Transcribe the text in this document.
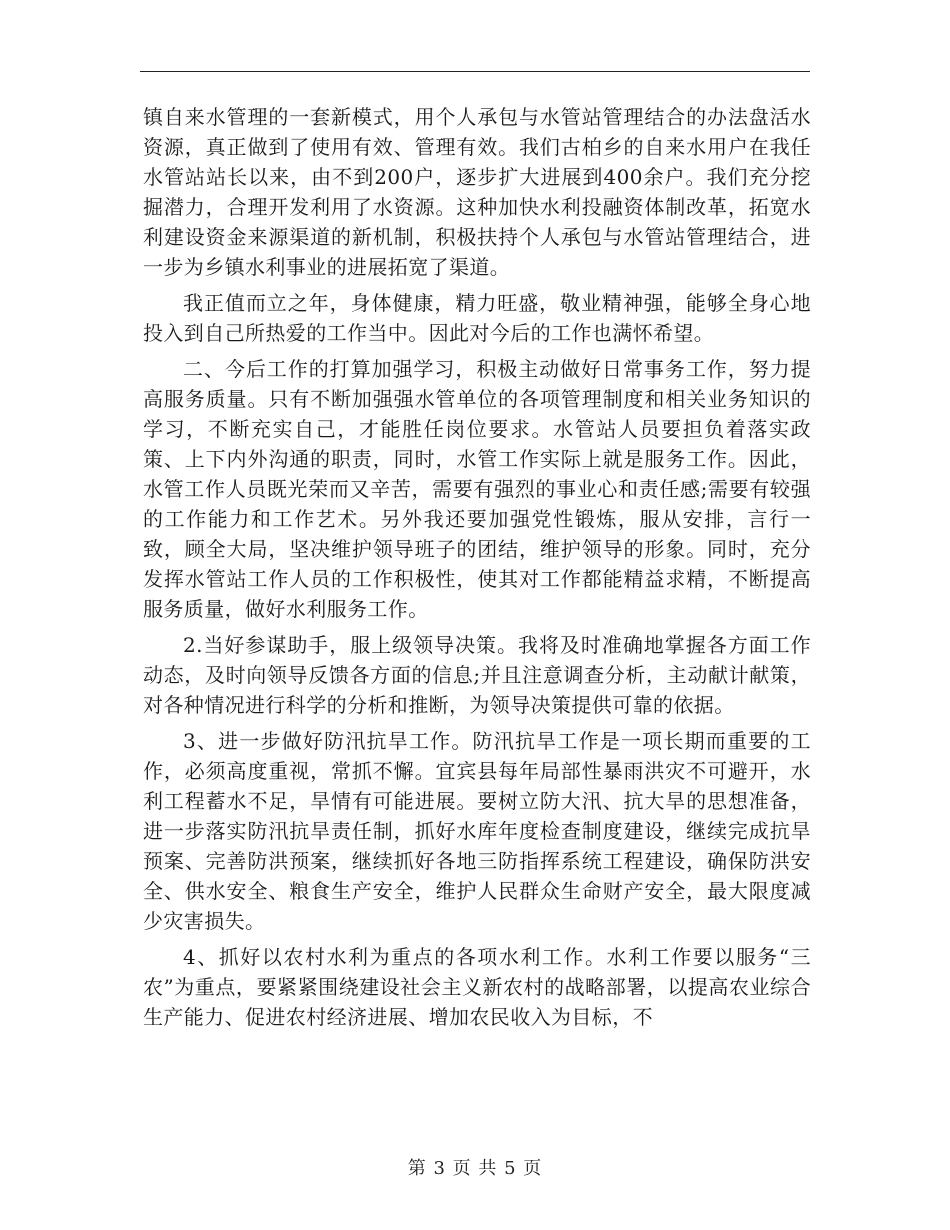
镇自来水管理的一套新模式，用个人承包与水管站管理结合的办法盘活水资源，真正做到了使用有效、管理有效。我们古柏乡的自来水用户在我任水管站站长以来，由不到200户，逐步扩大进展到400余户。我们充分挖掘潜力，合理开发利用了水资源。这种加快水利投融资体制改革，拓宽水利建设资金来源渠道的新机制，积极扶持个人承包与水管站管理结合，进一步为乡镇水利事业的进展拓宽了渠道。

我正值而立之年，身体健康，精力旺盛，敬业精神强，能够全身心地投入到自己所热爱的工作当中。因此对今后的工作也满怀希望。

二、今后工作的打算加强学习，积极主动做好日常事务工作，努力提高服务质量。只有不断加强强水管单位的各项管理制度和相关业务知识的学习，不断充实自己，才能胜任岗位要求。水管站人员要担负着落实政策、上下内外沟通的职责，同时，水管工作实际上就是服务工作。因此，水管工作人员既光荣而又辛苦，需要有强烈的事业心和责任感;需要有较强的工作能力和工作艺术。另外我还要加强党性锻炼，服从安排，言行一致，顾全大局，坚决维护领导班子的团结，维护领导的形象。同时，充分发挥水管站工作人员的工作积极性，使其对工作都能精益求精，不断提高服务质量，做好水利服务工作。

2.当好参谋助手，服上级领导决策。我将及时准确地掌握各方面工作动态，及时向领导反馈各方面的信息;并且注意调查分析，主动献计献策，对各种情况进行科学的分析和推断，为领导决策提供可靠的依据。

3、进一步做好防汛抗旱工作。防汛抗旱工作是一项长期而重要的工作，必须高度重视，常抓不懈。宜宾县每年局部性暴雨洪灾不可避开，水利工程蓄水不足，旱情有可能进展。要树立防大汛、抗大旱的思想准备，进一步落实防汛抗旱责任制，抓好水库年度检查制度建设，继续完成抗旱预案、完善防洪预案，继续抓好各地三防指挥系统工程建设，确保防洪安全、供水安全、粮食生产安全，维护人民群众生命财产安全，最大限度减少灾害损失。

4、抓好以农村水利为重点的各项水利工作。水利工作要以服务“三农”为重点，要紧紧围绕建设社会主义新农村的战略部署，以提高农业综合生产能力、促进农村经济进展、增加农民收入为目标，不

第 3 页 共 5 页
